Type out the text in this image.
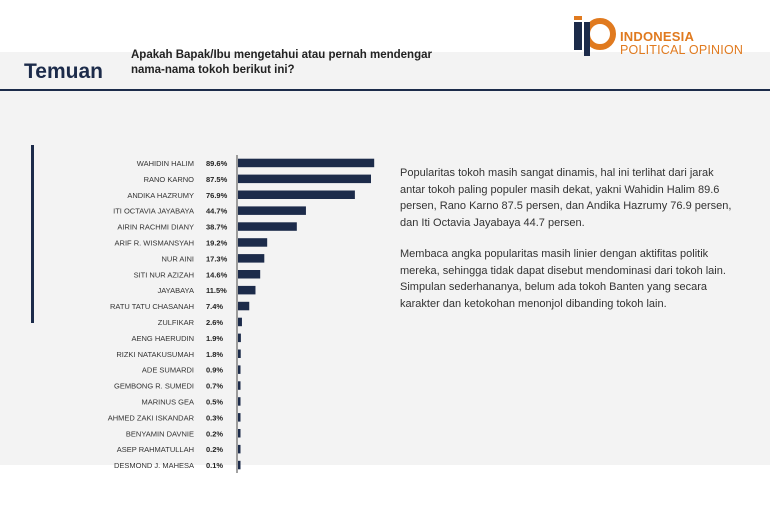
Temuan
Apakah Bapak/Ibu mengetahui atau pernah mendengar nama-nama tokoh berikut ini?
INDONESIA
POLITICAL OPINION
WAHIDIN HALIM 89.6%
RANO KARNO 87.5%
ANDIKA HAZRUMY 76.9%
ITI OCTAVIA JAYABAYA 44.7%
AIRIN RACHMI DIANY 38.7%
ARIF R. WISMANSYAH 19.2%
NUR AINI 17.3%
SITI NUR AZIZAH 14.6%
JAYABAYA 11.5%
RATU TATU CHASANAH 7.4%
ZULFIKAR 2.6%
AENG HAERUDIN 1.9%
RIZKI NATAKUSUMAH 1.8%
ADE SUMARDI 0.9%
GEMBONG R. SUMEDI 0.7%
MARINUS GEA 0.5%
AHMED ZAKI ISKANDAR 0.3%
BENYAMIN DAVNIE 0.2%
ASEP RAHMATULLAH 0.2%
DESMOND J. MAHESA 0.1%

Popularitas tokoh masih sangat dinamis, hal ini terlihat dari jarak antar tokoh paling populer masih dekat, yakni Wahidin Halim 89.6 persen, Rano Karno 87.5 persen, dan Andika Hazrumy 76.9 persen, dan Iti Octavia Jayabaya 44.7 persen.

Membaca angka popularitas masih linier dengan aktifitas politik mereka, sehingga tidak dapat disebut mendominasi dari tokoh lain. Simpulan sederhananya, belum ada tokoh Banten yang secara karakter dan ketokohan menonjol dibanding tokoh lain.
